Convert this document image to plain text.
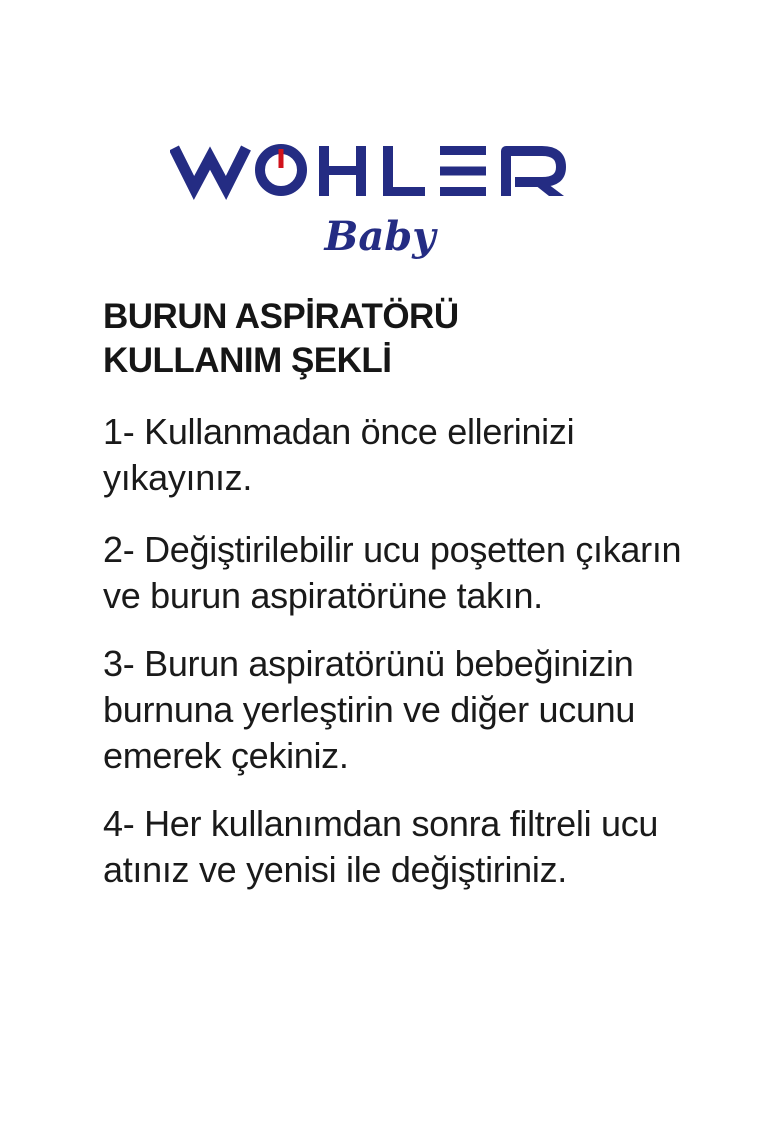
Baby
BURUN ASPİRATÖRÜ
KULLANIM ŞEKLİ
1- Kullanmadan önce ellerinizi yıkayınız.
2- Değiştirilebilir ucu poşetten çıkarın ve burun aspiratörüne takın.
3- Burun aspiratörünü bebeğinizin burnuna yerleştirin ve diğer ucunu emerek çekiniz.
4- Her kullanımdan sonra filtreli ucu atınız ve yenisi ile değiştiriniz.
